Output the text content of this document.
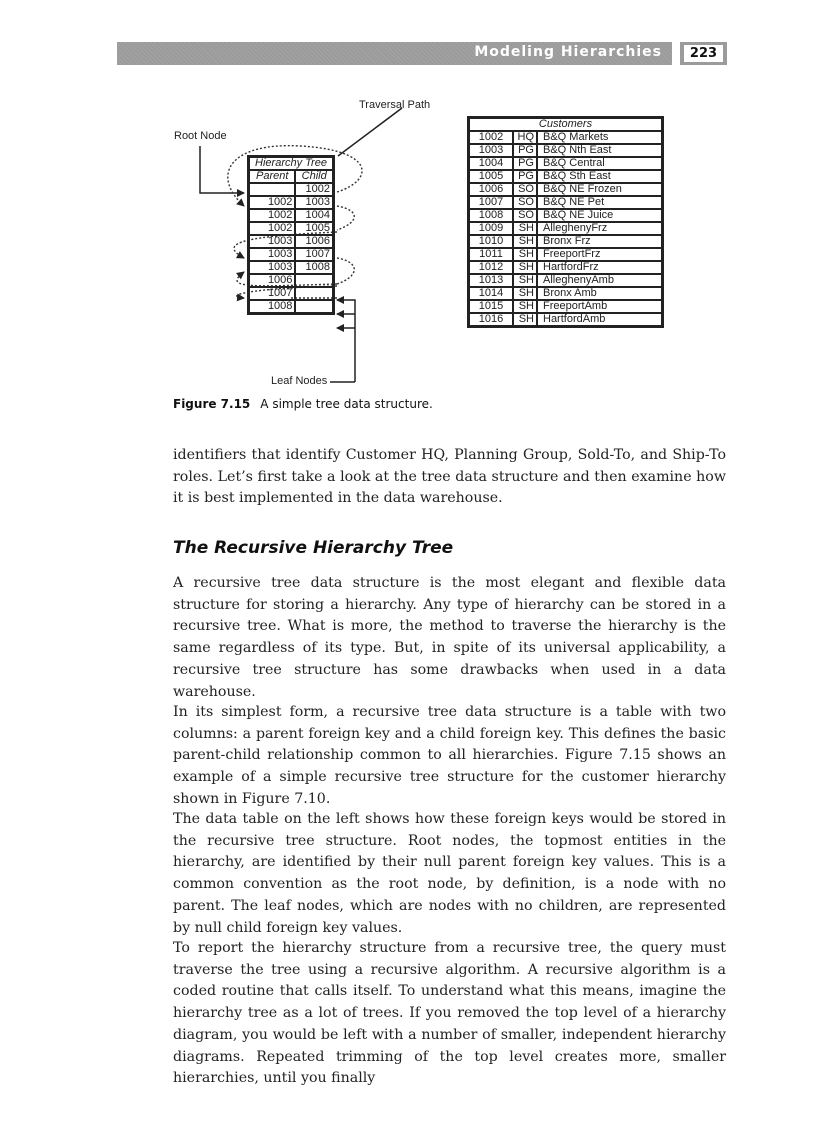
Modeling Hierarchies	223
Traversal Path
Root Node
Leaf Nodes
Hierarchy Tree	
Parent	Child
	1002
1002	1003
1002	1004
1002	1005
1003	1006
1003	1007
1003	1008
1006	
1007	
1008	
Customers		
1002	HQ	B&Q Markets
1003	PG	B&Q Nth East
1004	PG	B&Q Central
1005	PG	B&Q Sth East
1006	SO	B&Q NE Frozen
1007	SO	B&Q NE Pet
1008	SO	B&Q NE Juice
1009	SH	AlleghenyFrz
1010	SH	Bronx Frz
1011	SH	FreeportFrz
1012	SH	HartfordFrz
1013	SH	AlleghenyAmb
1014	SH	Bronx Amb
1015	SH	FreeportAmb
1016	SH	HartfordAmb
Figure 7.15 A simple tree data structure.

identifiers that identify Customer HQ, Planning Group, Sold-To, and Ship-To roles. Let’s first take a look at the tree data structure and then examine how it is best implemented in the data warehouse.

The Recursive Hierarchy Tree

A recursive tree data structure is the most elegant and flexible data structure for storing a hierarchy. Any type of hierarchy can be stored in a recursive tree. What is more, the method to traverse the hierarchy is the same regardless of its type. But, in spite of its universal applicability, a recursive tree structure has some drawbacks when used in a data warehouse.

In its simplest form, a recursive tree data structure is a table with two columns: a parent foreign key and a child foreign key. This defines the basic parent-child relationship common to all hierarchies. Figure 7.15 shows an example of a simple recursive tree structure for the customer hierarchy shown in Figure 7.10.

The data table on the left shows how these foreign keys would be stored in the recursive tree structure. Root nodes, the topmost entities in the hierarchy, are identified by their null parent foreign key values. This is a common convention as the root node, by definition, is a node with no parent. The leaf nodes, which are nodes with no children, are represented by null child foreign key values.

To report the hierarchy structure from a recursive tree, the query must traverse the tree using a recursive algorithm. A recursive algorithm is a coded routine that calls itself. To understand what this means, imagine the hierarchy tree as a lot of trees. If you removed the top level of a hierarchy diagram, you would be left with a number of smaller, independent hierarchy diagrams. Repeated trimming of the top level creates more, smaller hierarchies, until you finally
